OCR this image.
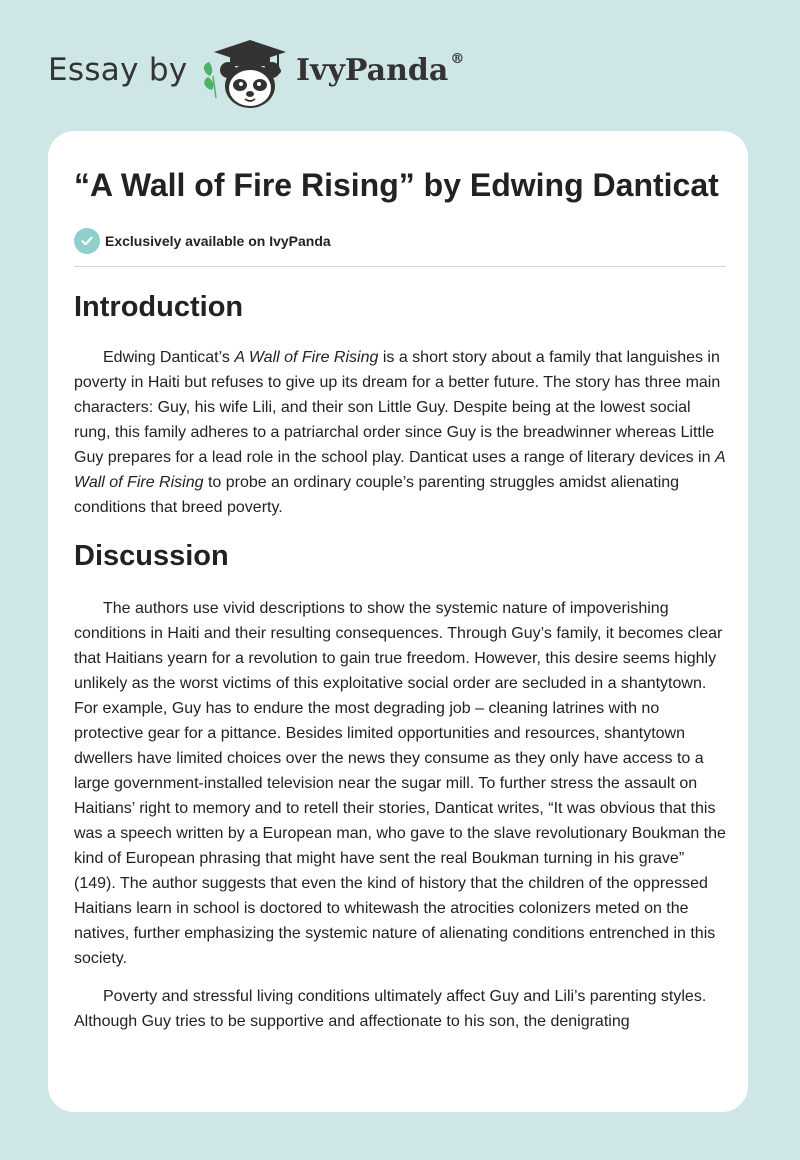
Essay by	IvyPanda ®
“A Wall of Fire Rising” by Edwing Danticat
Exclusively available on IvyPanda
Introduction

Edwing Danticat’s A Wall of Fire Rising is a short story about a family that languishes in poverty in Haiti but refuses to give up its dream for a better future. The story has three main characters: Guy, his wife Lili, and their son Little Guy. Despite being at the lowest social rung, this family adheres to a patriarchal order since Guy is the breadwinner whereas Little Guy prepares for a lead role in the school play. Danticat uses a range of literary devices in A Wall of Fire Rising to probe an ordinary couple’s parenting struggles amidst alienating conditions that breed poverty.

Discussion

The authors use vivid descriptions to show the systemic nature of impoverishing conditions in Haiti and their resulting consequences. Through Guy’s family, it becomes clear that Haitians yearn for a revolution to gain true freedom. However, this desire seems highly unlikely as the worst victims of this exploitative social order are secluded in a shantytown. For example, Guy has to endure the most degrading job – cleaning latrines with no protective gear for a pittance. Besides limited opportunities and resources, shantytown dwellers have limited choices over the news they consume as they only have access to a large government-installed television near the sugar mill. To further stress the assault on Haitians’ right to memory and to retell their stories, Danticat writes, “It was obvious that this was a speech written by a European man, who gave to the slave revolutionary Boukman the kind of European phrasing that might have sent the real Boukman turning in his grave” (149). The author suggests that even the kind of history that the children of the oppressed Haitians learn in school is doctored to whitewash the atrocities colonizers meted on the natives, further emphasizing the systemic nature of alienating conditions entrenched in this society.

Poverty and stressful living conditions ultimately affect Guy and Lili’s parenting styles. Although Guy tries to be supportive and affectionate to his son, the denigrating
